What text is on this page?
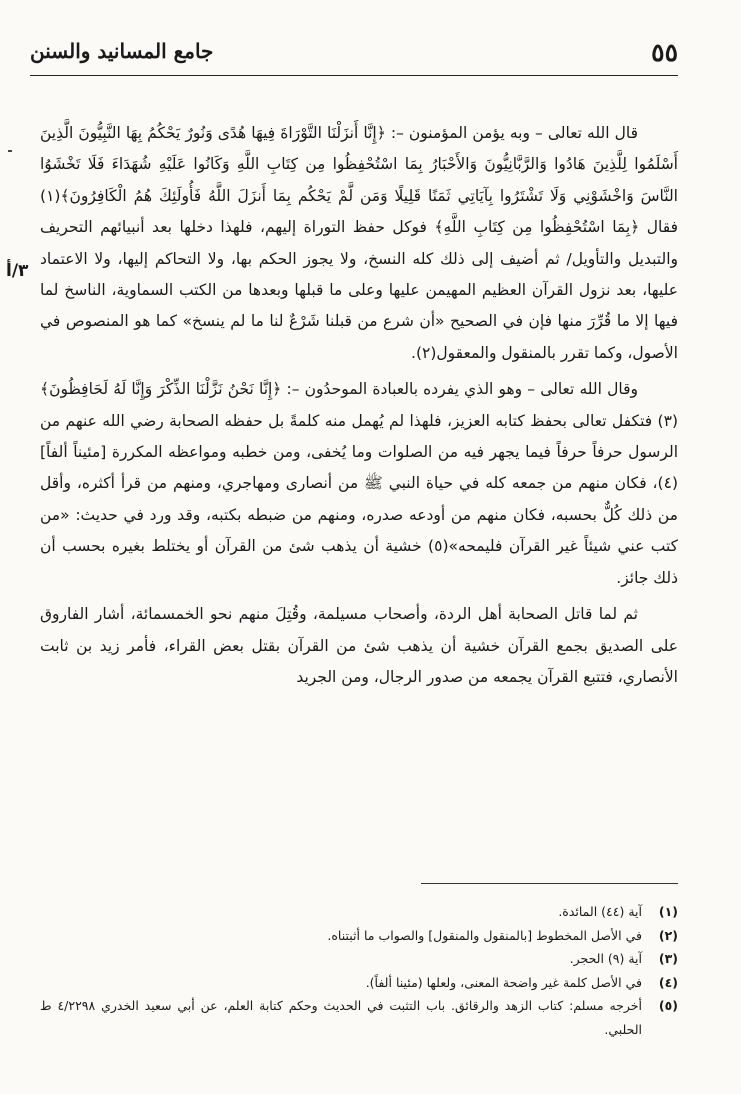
٥٥
جامع المسانيد والسنن
٣/أ

قال الله تعالى – وبه يؤمن المؤمنون –: ﴿إِنَّا أَنزَلْنَا التَّوْرَاةَ فِيهَا هُدًى وَنُورٌ يَحْكُمُ بِهَا النَّبِيُّونَ الَّذِينَ أَسْلَمُوا لِلَّذِينَ هَادُوا وَالرَّبَّانِيُّونَ وَالأَحْبَارُ بِمَا اسْتُحْفِظُوا مِن كِتَابِ اللَّهِ وَكَانُوا عَلَيْهِ شُهَدَاءَ فَلَا تَخْشَوُا النَّاسَ وَاخْشَوْنِي وَلَا تَشْتَرُوا بِآيَاتِي ثَمَنًا قَلِيلًا وَمَن لَّمْ يَحْكُم بِمَا أَنزَلَ اللَّهُ فَأُولَئِكَ هُمُ الْكَافِرُونَ﴾(١) فقال ﴿بِمَا اسْتُحْفِظُوا مِن كِتَابِ اللَّهِ﴾ فوكل حفظ التوراة إليهم، فلهذا دخلها بعد أنبيائهم التحريف والتبديل والتأويل/ ثم أضيف إلى ذلك كله النسخ، ولا يجوز الحكم بها، ولا التحاكم إليها، ولا الاعتماد عليها، بعد نزول القرآن العظيم المهيمن عليها وعلى ما قبلها وبعدها من الكتب السماوية، الناسخ لما فيها إلا ما قُرِّرَ منها فإن في الصحيح «أن شرع من قبلنا شَرْعٌ لنا ما لم ينسخ» كما هو المنصوص في الأصول، وكما تقرر بالمنقول والمعقول(٢).

وقال الله تعالى – وهو الذي يفرده بالعبادة الموحدُون –: ﴿إِنَّا نَحْنُ نَزَّلْنَا الذِّكْرَ وَإِنَّا لَهُ لَحَافِظُونَ﴾(٣) فتكفل تعالى بحفظ كتابه العزيز، فلهذا لم يُهمل منه كلمةً بل حفظه الصحابة رضي الله عنهم من الرسول حرفاً حرفاً فيما يجهر فيه من الصلوات وما يُخفى، ومن خطبه ومواعظه المكررة [مئيناً ألفاً](٤)، فكان منهم من جمعه كله في حياة النبي ﷺ من أنصارى ومهاجري، ومنهم من قرأ أكثره، وأقل من ذلك كُلٌّ بحسبه، فكان منهم من أودعه صدره، ومنهم من ضبطه بكتبه، وقد ورد في حديث: «من كتب عني شيئاً غير القرآن فليمحه»(٥) خشية أن يذهب شئ من القرآن أو يختلط بغيره بحسب أن ذلك جائز.

ثم لما قاتل الصحابة أهل الردة، وأصحاب مسيلمة، وقُتِلَ منهم نحو الخمسمائة، أشار الفاروق على الصديق بجمع القرآن خشية أن يذهب شئ من القرآن بقتل بعض القراء، فأمر زيد بن ثابت الأنصاري، فتتبع القرآن يجمعه من صدور الرجال، ومن الجريد

(١)
آية (٤٤) المائدة.
(٢)
في الأصل المخطوط [بالمنقول والمنقول] والصواب ما أثبتناه.
(٣)
آية (٩) الحجر.
(٤)
في الأصل كلمة غير واضحة المعنى، ولعلها (مئينا ألفاً).
(٥)
أخرجه مسلم: كتاب الزهد والرقائق. باب التثبت في الحديث وحكم كتابة العلم، عن أبي سعيد الخدري ٤/٢٢٩٨ ط الحلبي.
